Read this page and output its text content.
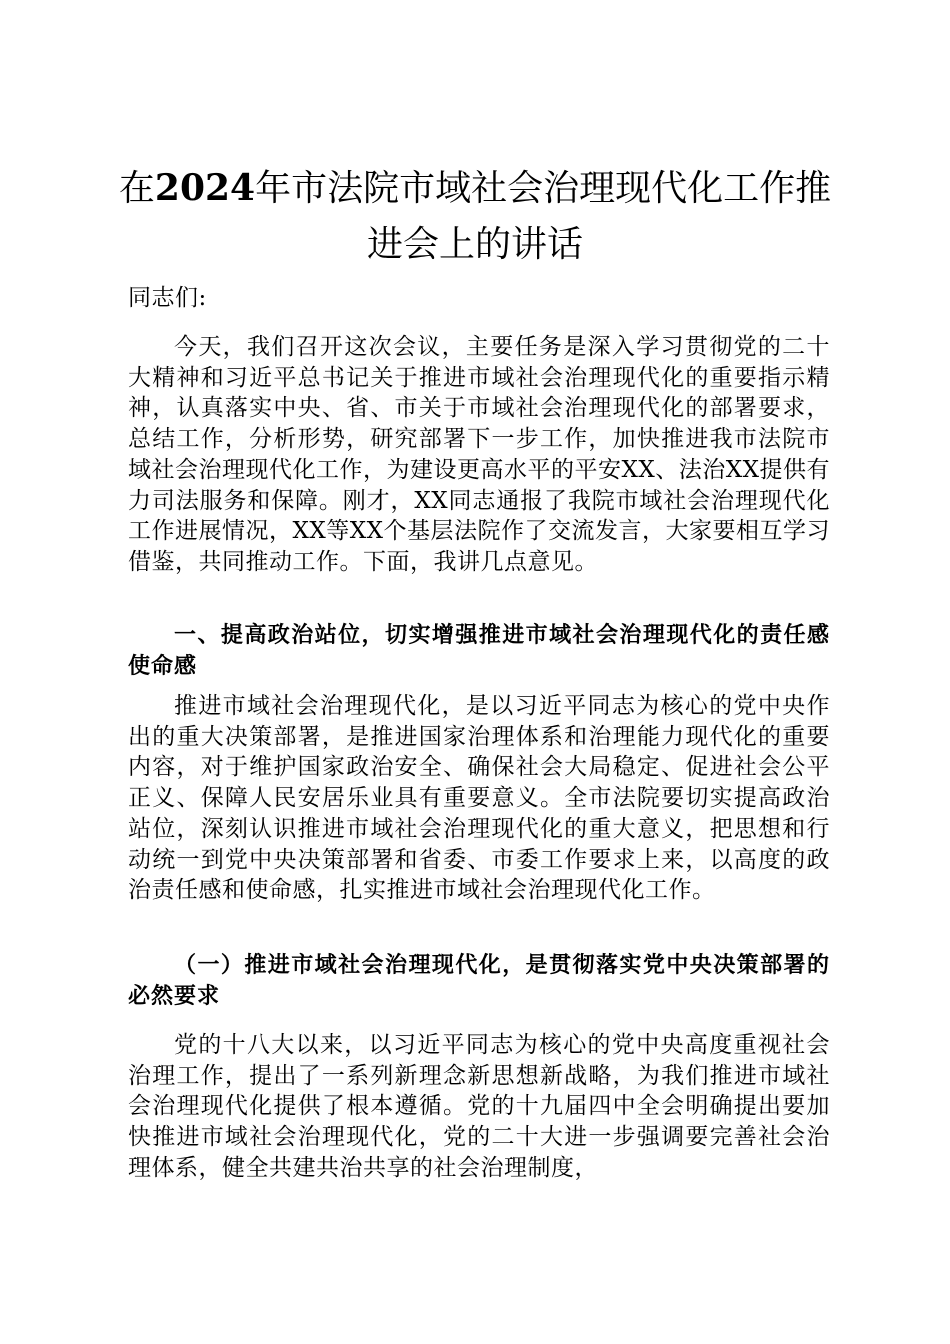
在2024年市法院市域社会治理现代化工作推进会上的讲话
同志们:
今天，我们召开这次会议，主要任务是深入学习贯彻党的二十大精神和习近平总书记关于推进市域社会治理现代化的重要指示精神，认真落实中央、省、市关于市域社会治理现代化的部署要求，总结工作，分析形势，研究部署下一步工作，加快推进我市法院市域社会治理现代化工作，为建设更高水平的平安XX、法治XX提供有力司法服务和保障。刚才，XX同志通报了我院市域社会治理现代化工作进展情况，XX等XX个基层法院作了交流发言，大家要相互学习借鉴，共同推动工作。下面，我讲几点意见。
一、提高政治站位，切实增强推进市域社会治理现代化的责任感使命感
推进市域社会治理现代化，是以习近平同志为核心的党中央作出的重大决策部署，是推进国家治理体系和治理能力现代化的重要内容，对于维护国家政治安全、确保社会大局稳定、促进社会公平正义、保障人民安居乐业具有重要意义。全市法院要切实提高政治站位，深刻认识推进市域社会治理现代化的重大意义，把思想和行动统一到党中央决策部署和省委、市委工作要求上来，以高度的政治责任感和使命感，扎实推进市域社会治理现代化工作。
（一）推进市域社会治理现代化，是贯彻落实党中央决策部署的必然要求
党的十八大以来，以习近平同志为核心的党中央高度重视社会治理工作，提出了一系列新理念新思想新战略，为我们推进市域社会治理现代化提供了根本遵循。党的十九届四中全会明确提出要加快推进市域社会治理现代化，党的二十大进一步强调要完善社会治理体系，健全共建共治共享的社会治理制度，
